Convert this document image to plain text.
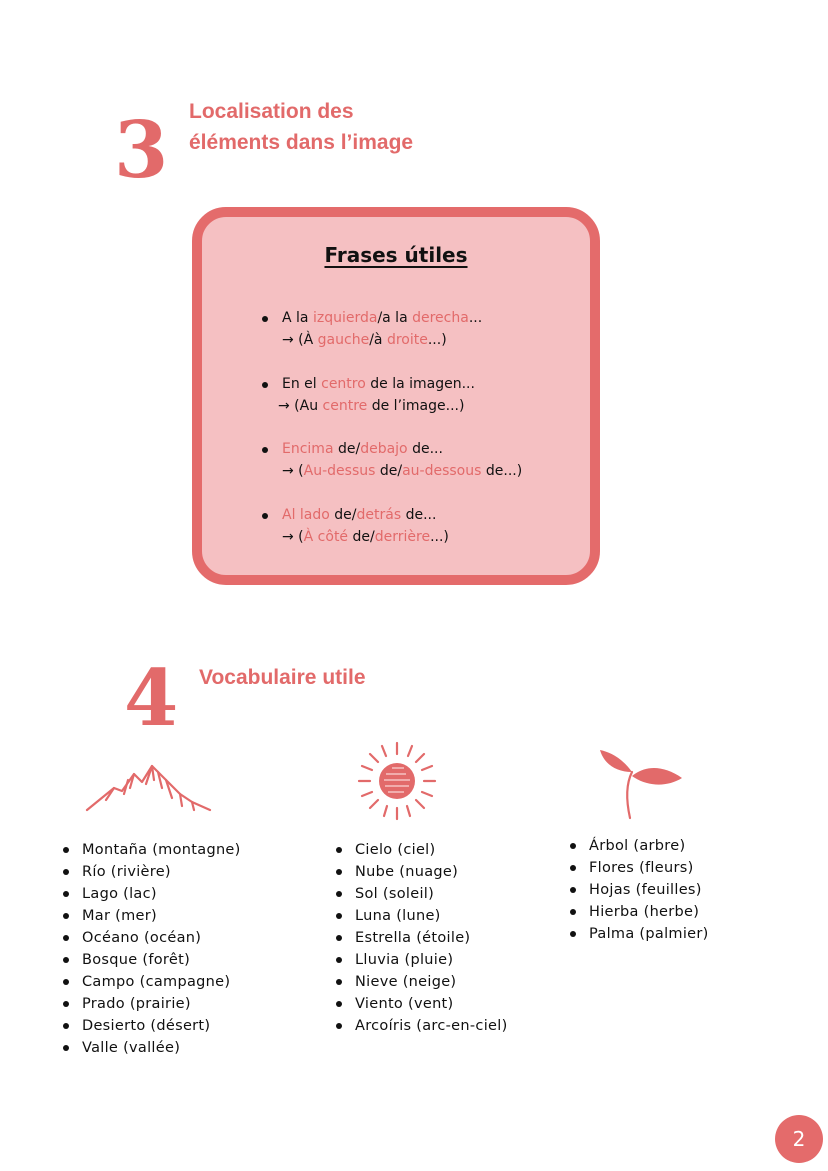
3 Localisation des
éléments dans l’image
Frases útiles
A la izquierda/a la derecha...
→ (À gauche/à droite...)
En el centro de la imagen...
→ (Au centre de l’image...)
Encima de/debajo de...
→ (Au-dessus de/au-dessous de...)
Al lado de/detrás de...
→ (À côté de/derrière...)
4 Vocabulaire utile
Montaña (montagne)
Río (rivière)
Lago (lac)
Mar (mer)
Océano (océan)
Bosque (forêt)
Campo (campagne)
Prado (prairie)
Desierto (désert)
Valle (vallée)
Cielo (ciel)
Nube (nuage)
Sol (soleil)
Luna (lune)
Estrella (étoile)
Lluvia (pluie)
Nieve (neige)
Viento (vent)
Arcoíris (arc-en-ciel)
Árbol (arbre)
Flores (fleurs)
Hojas (feuilles)
Hierba (herbe)
Palma (palmier)
2
